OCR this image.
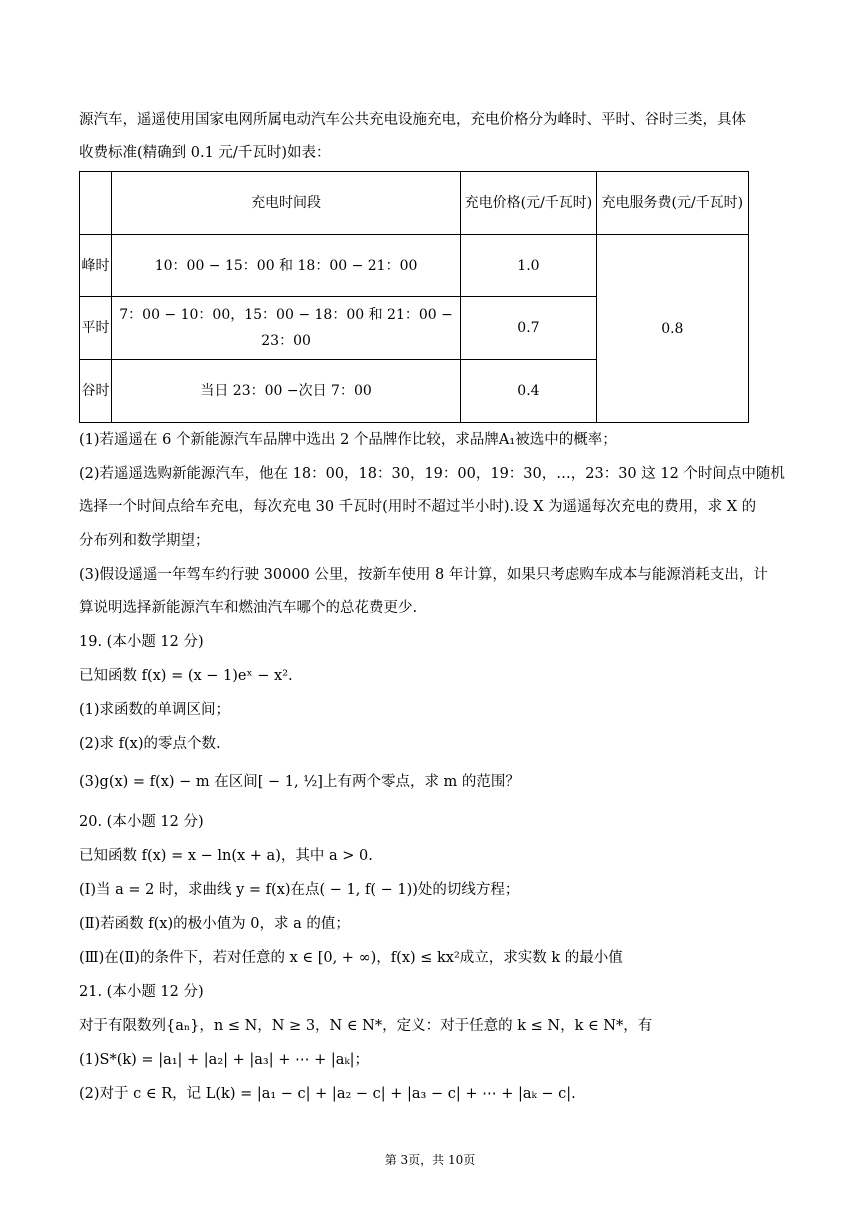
源汽车，遥遥使用国家电网所属电动汽车公共充电设施充电，充电价格分为峰时、平时、谷时三类，具体
收费标准(精确到 0.1 元/千瓦时)如表：
	充电时间段	充电价格(元/千瓦时)	充电服务费(元/千瓦时)
峰时	10：00 − 15：00 和 18：00 − 21：00	1.0	0.8
平时	7：00 − 10：00，15：00 − 18：00 和 21：00 − 23：00	0.7	
谷时	当日 23：00 −次日 7：00	0.4	
(1)若遥遥在 6 个新能源汽车品牌中选出 2 个品牌作比较，求品牌A₁被选中的概率；
(2)若遥遥选购新能源汽车，他在 18：00，18：30，19：00，19：30，…，23：30 这 12 个时间点中随机
选择一个时间点给车充电，每次充电 30 千瓦时(用时不超过半小时).设 X 为遥遥每次充电的费用，求 X 的
分布列和数学期望；
(3)假设遥遥一年驾车约行驶 30000 公里，按新车使用 8 年计算，如果只考虑购车成本与能源消耗支出，计
算说明选择新能源汽车和燃油汽车哪个的总花费更少.
19. (本小题 12 分)
已知函数 f(x) = (x − 1)eˣ − x².
(1)求函数的单调区间；
(2)求 f(x)的零点个数.
(3)g(x) = f(x) − m 在区间[ − 1, ½]上有两个零点，求 m 的范围？
20. (本小题 12 分)
已知函数 f(x) = x − ln(x + a)，其中 a > 0.
(Ⅰ)当 a = 2 时，求曲线 y = f(x)在点( − 1, f( − 1))处的切线方程；
(Ⅱ)若函数 f(x)的极小值为 0，求 a 的值；
(Ⅲ)在(Ⅱ)的条件下，若对任意的 x ∈ [0, + ∞)，f(x) ≤ kx²成立，求实数 k 的最小值
21. (本小题 12 分)
对于有限数列{aₙ}，n ≤ N，N ≥ 3，N ∈ N*，定义：对于任意的 k ≤ N，k ∈ N*，有
(1)S*(k) = |a₁| + |a₂| + |a₃| + ⋯ + |aₖ|；
(2)对于 c ∈ R，记 L(k) = |a₁ − c| + |a₂ − c| + |a₃ − c| + ⋯ + |aₖ − c|.
第 3页，共 10页
